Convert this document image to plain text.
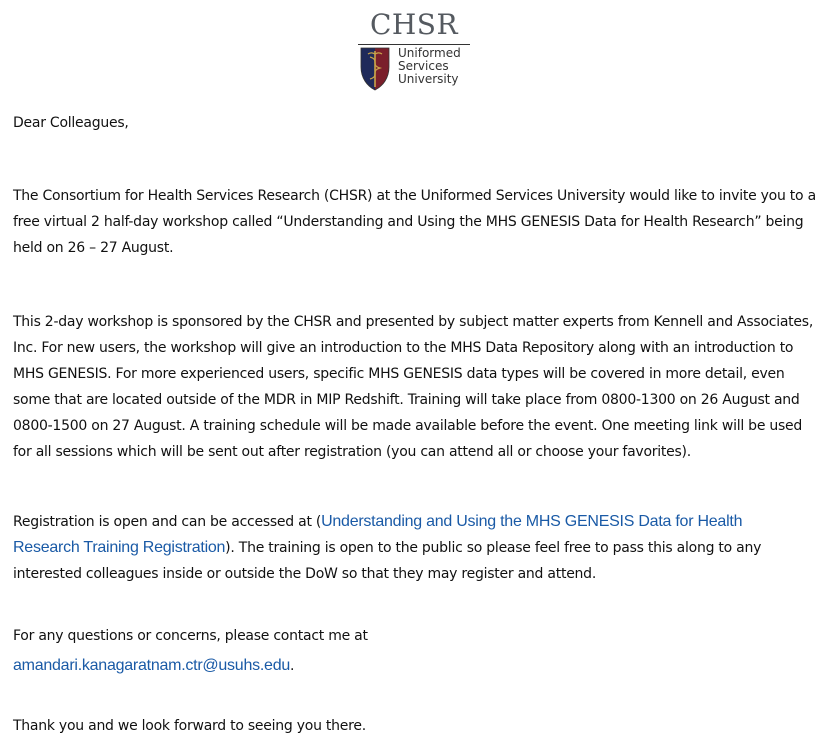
CHSR
Uniformed
Services
University

Dear Colleagues,

The Consortium for Health Services Research (CHSR) at the Uniformed Services University would like to invite you to a
free virtual 2 half-day workshop called “Understanding and Using the MHS GENESIS Data for Health Research” being
held on 26 – 27 August.

This 2-day workshop is sponsored by the CHSR and presented by subject matter experts from Kennell and Associates,
Inc. For new users, the workshop will give an introduction to the MHS Data Repository along with an introduction to
MHS GENESIS. For more experienced users, specific MHS GENESIS data types will be covered in more detail, even
some that are located outside of the MDR in MIP Redshift. Training will take place from 0800-1300 on 26 August and
0800-1500 on 27 August. A training schedule will be made available before the event. One meeting link will be used
for all sessions which will be sent out after registration (you can attend all or choose your favorites).

Registration is open and can be accessed at (Understanding and Using the MHS GENESIS Data for Health
Research Training Registration). The training is open to the public so please feel free to pass this along to any
interested colleagues inside or outside the DoW so that they may register and attend.

For any questions or concerns, please contact me at
amandari.kanagaratnam.ctr@usuhs.edu.

Thank you and we look forward to seeing you there.
